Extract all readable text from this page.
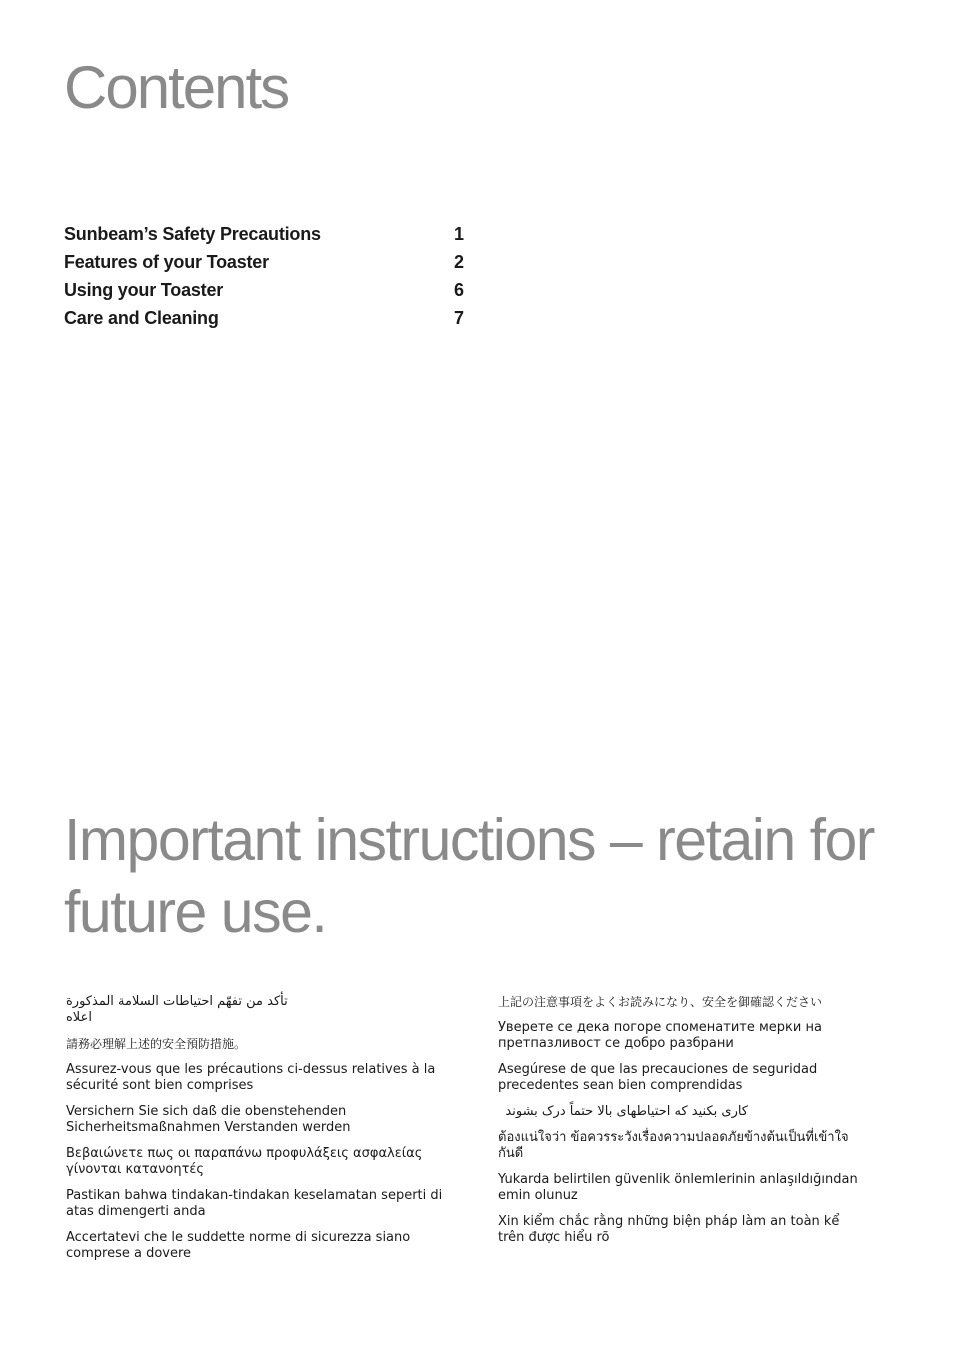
Contents
Sunbeam’s Safety Precautions	1
Features of your Toaster	2
Using your Toaster	6
Care and Cleaning	7
Important instructions – retain for future use.

تأكد من تفهّم احتياطات السلامة المذكورة اعلاه

請務必理解上述的安全預防措施。

Assurez-vous que les précautions ci-dessus relatives à la sécurité sont bien comprises

Versichern Sie sich daß die obenstehenden Sicherheitsmaßnahmen Verstanden werden

Βεβαιώνετε πως οι παραπάνω προφυλάξεις ασφαλείας γίνονται κατανοητές

Pastikan bahwa tindakan-tindakan keselamatan seperti di atas dimengerti anda

Accertatevi che le suddette norme di sicurezza siano comprese a dovere

上記の注意事項をよくお読みになり、安全を御確認ください

Уверете се дека погоре споменатите мерки на претпазливост се добро разбрани

Asegúrese de que las precauciones de seguridad precedentes sean bien comprendidas

کاری بکنید که احتیاطهای بالا حتماً درک بشوند

ต้องแน่ใจว่า ข้อควรระวังเรื่องความปลอดภัยข้างต้นเป็นที่เข้าใจกันดี

Yukarda belirtilen güvenlik önlemlerinin anlaşıldığından emin olunuz

Xin kiểm chắc rằng những biện pháp làm an toàn kể trên được hiểu rõ
